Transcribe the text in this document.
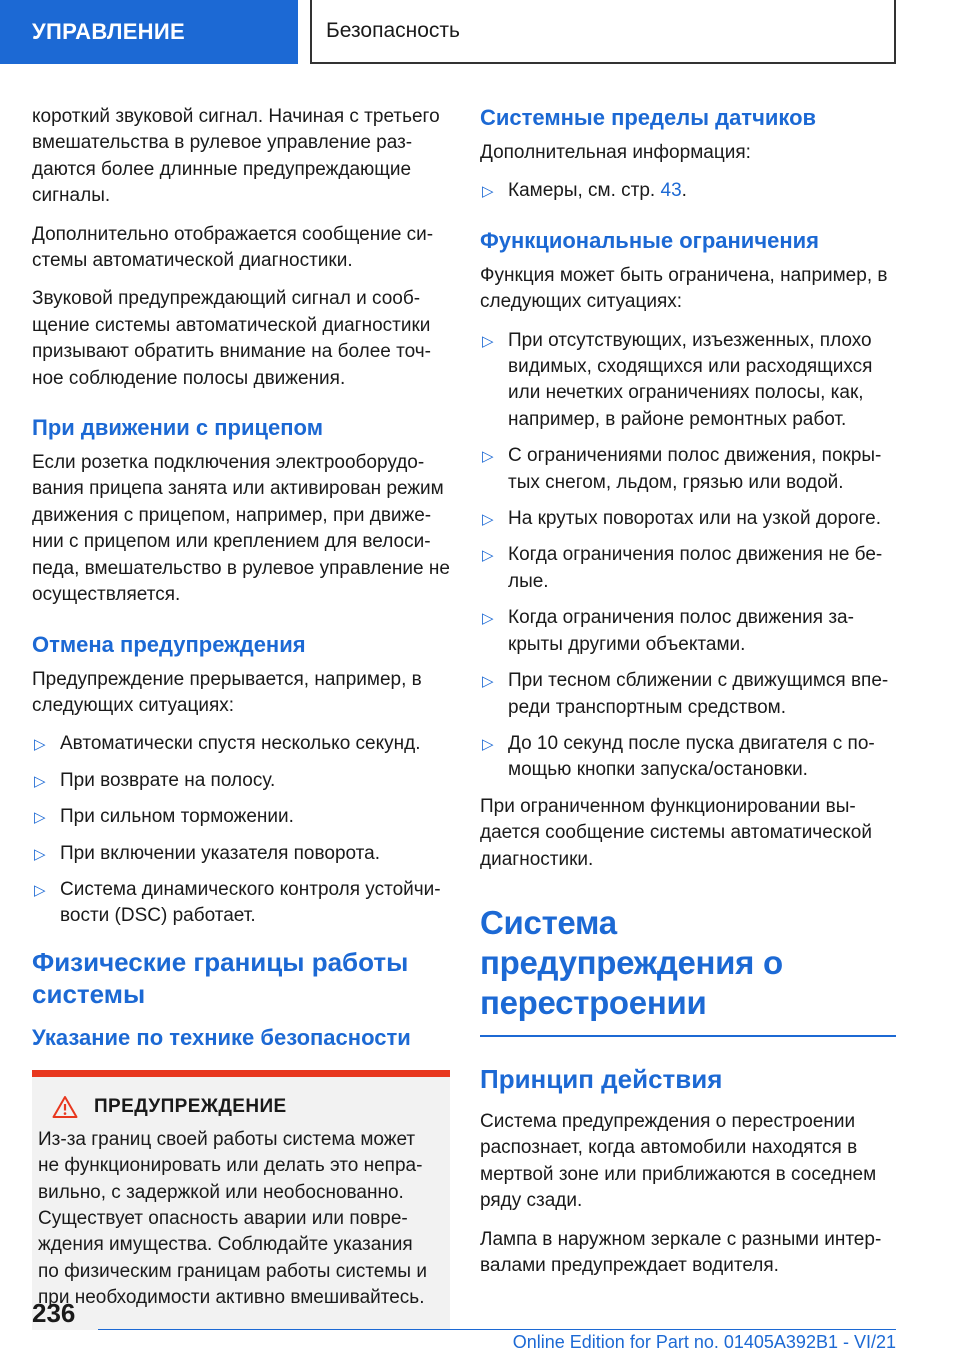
УПРАВЛЕНИЕ	Безопасность

короткий звуковой сигнал. Начиная с третьего вмешательства в рулевое управление раз-даются более длинные предупреждающие сигналы.

Дополнительно отображается сообщение си-стемы автоматической диагностики.

Звуковой предупреждающий сигнал и сооб-щение системы автоматической диагностики призывают обратить внимание на более точ-ное соблюдение полосы движения.

При движении с прицепом

Если розетка подключения электрооборудо-вания прицепа занята или активирован режим движения с прицепом, например, при движе-нии с прицепом или креплением для велоси-педа, вмешательство в рулевое управление не осуществляется.

Отмена предупреждения

Предупреждение прерывается, например, в следующих ситуациях:

▷ Автоматически спустя несколько секунд.
▷ При возврате на полосу.
▷ При сильном торможении.
▷ При включении указателя поворота.
▷ Система динамического контроля устойчи-вости (DSC) работает.
Физические границы работы системы
Указание по технике безопасности
ПРЕДУПРЕЖДЕНИЕ

Из-за границ своей работы система может не функционировать или делать это непра-вильно, с задержкой или необоснованно. Существует опасность аварии или повре-ждения имущества. Соблюдайте указания по физическим границам работы системы и при необходимости активно вмешивайтесь.

Системные пределы датчиков

Дополнительная информация:

▷ Камеры, см. стр. 43.
Функциональные ограничения

Функция может быть ограничена, например, в следующих ситуациях:

▷ При отсутствующих, изъезженных, плохо видимых, сходящихся или расходящихся или нечетких ограничениях полосы, как, например, в районе ремонтных работ.
▷ С ограничениями полос движения, покры-тых снегом, льдом, грязью или водой.
▷ На крутых поворотах или на узкой дороге.
▷ Когда ограничения полос движения не бе-лые.
▷ Когда ограничения полос движения за-крыты другими объектами.
▷ При тесном сближении с движущимся впе-реди транспортным средством.
▷ До 10 секунд после пуска двигателя с по-мощью кнопки запуска/остановки.

При ограниченном функционировании вы-дается сообщение системы автоматической диагностики.

Система предупреждения о перестроении
Принцип действия

Система предупреждения о перестроении распознает, когда автомобили находятся в мертвой зоне или приближаются в соседнем ряду сзади.

Лампа в наружном зеркале с разными интер-валами предупреждает водителя.

236
Online Edition for Part no. 01405A392B1 - VI/21
